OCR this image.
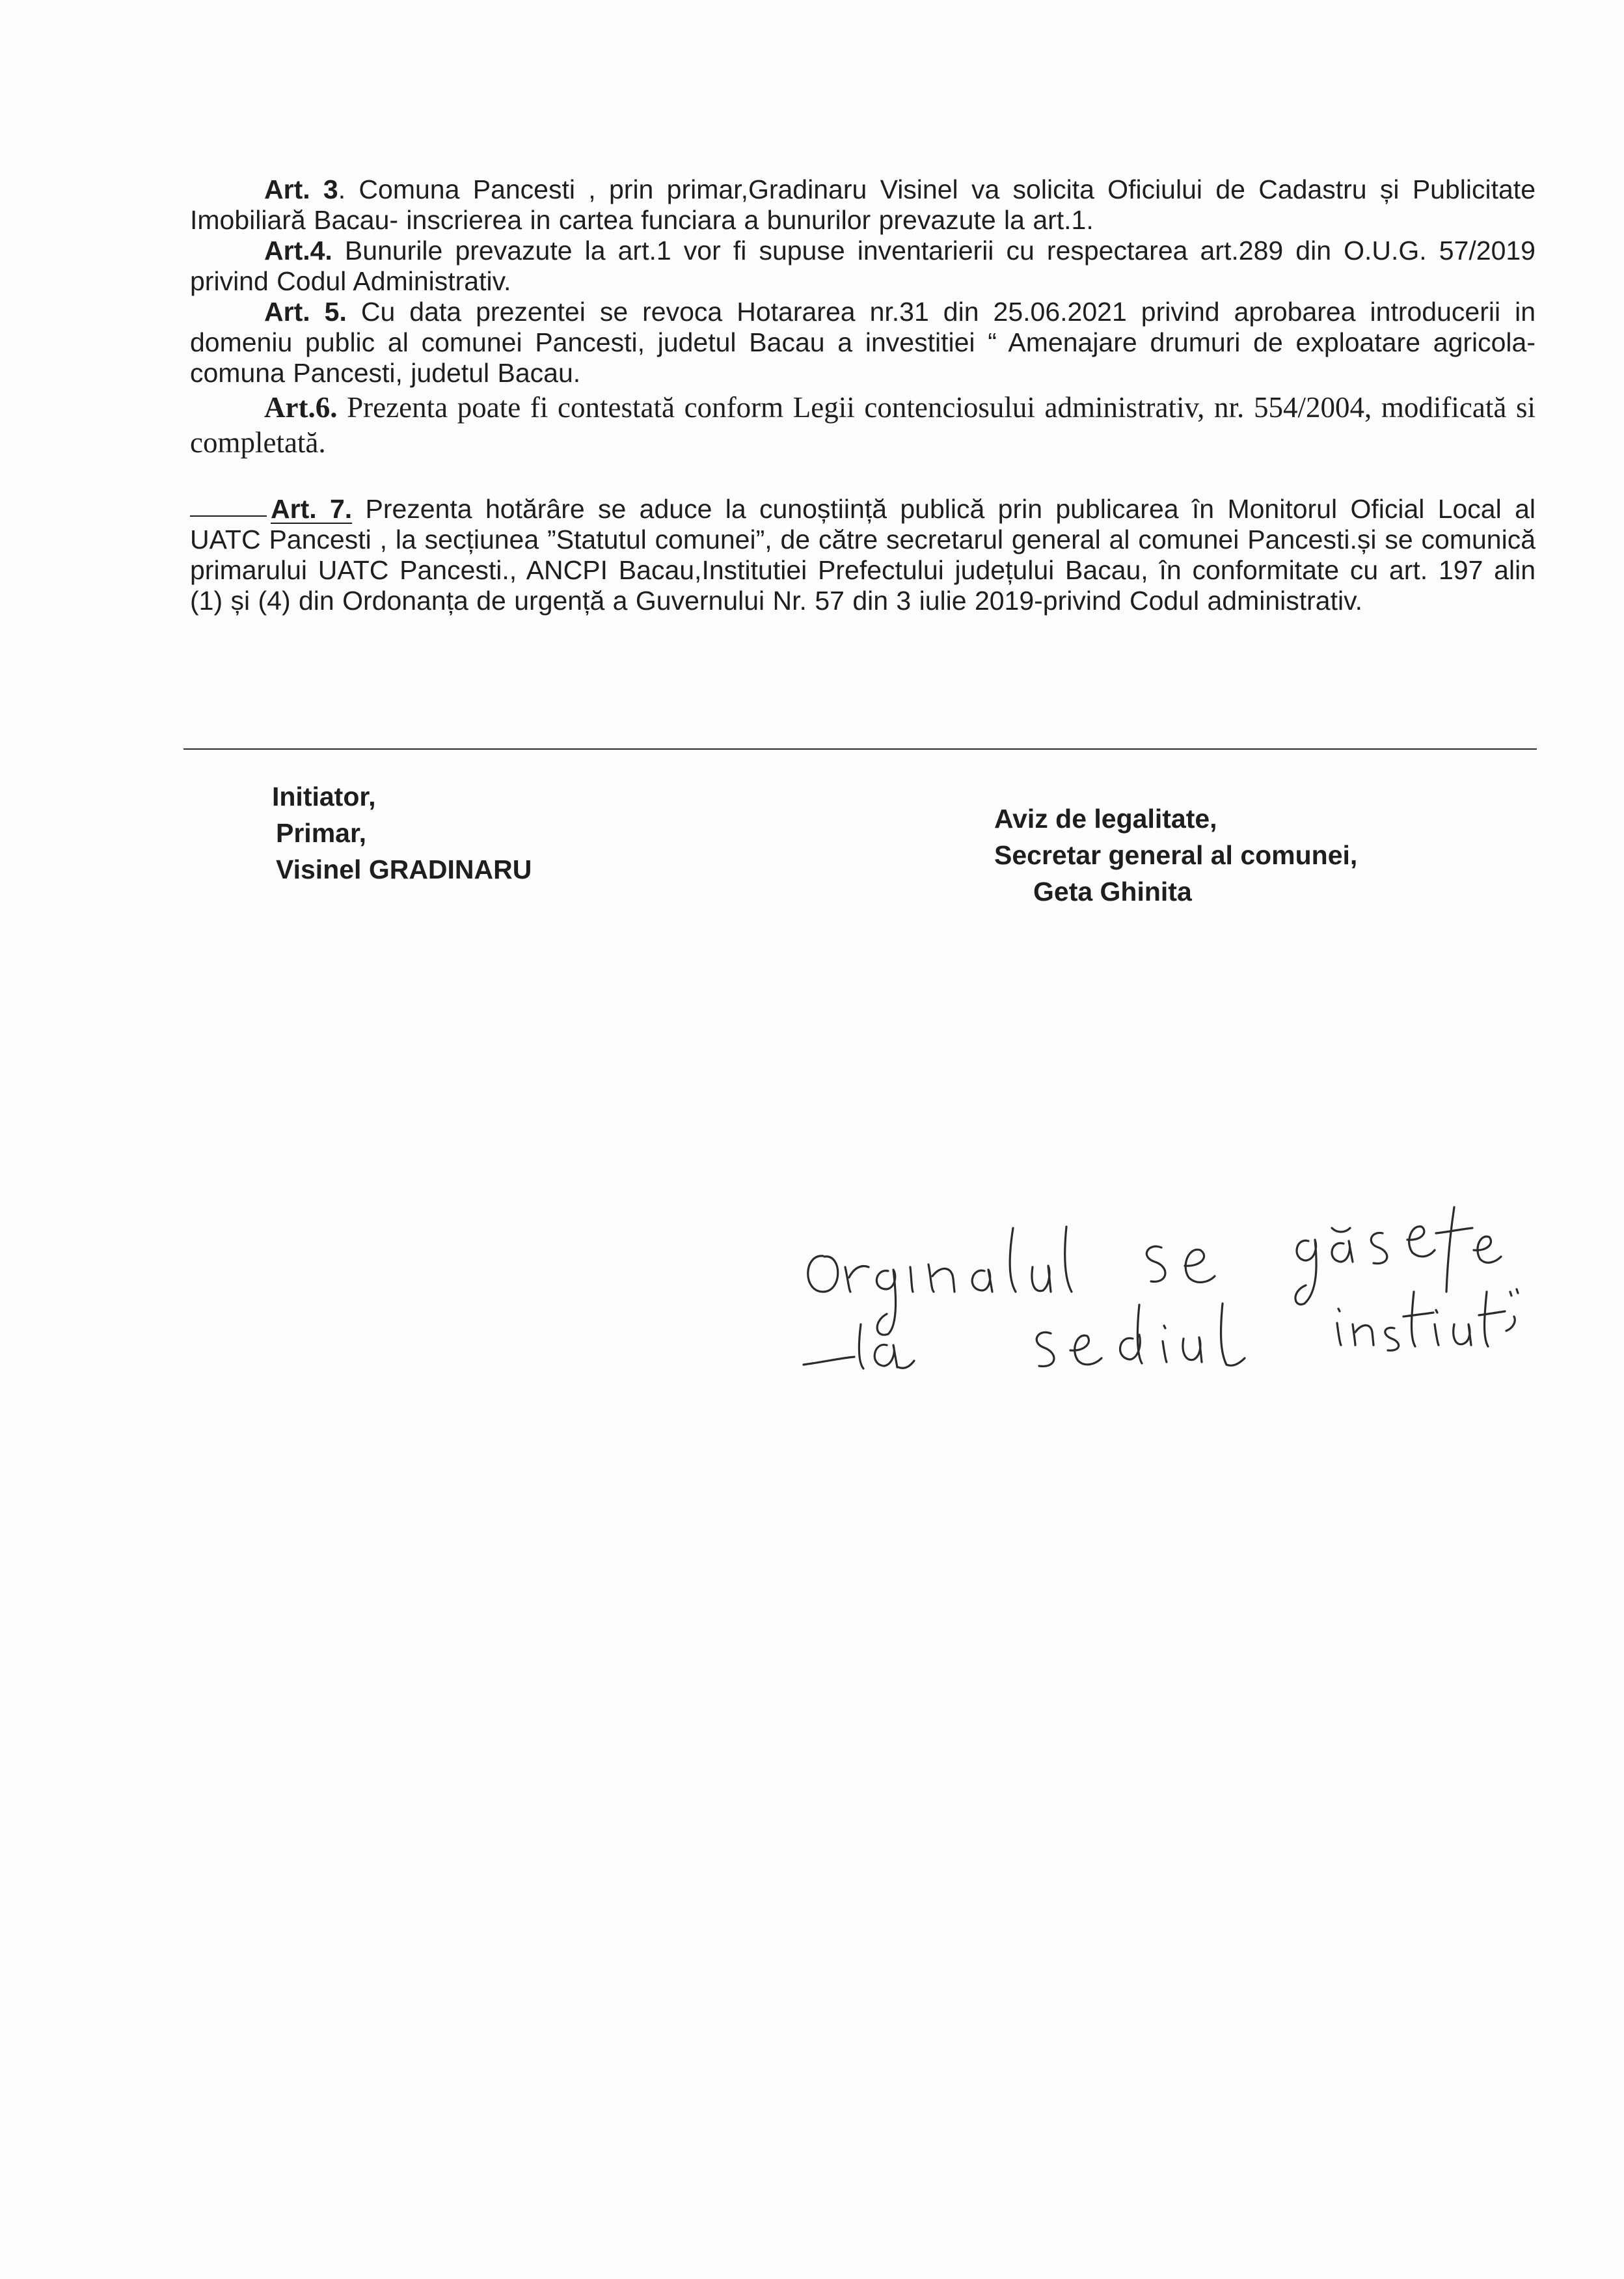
Art. 3. Comuna Pancesti , prin primar,Gradinaru Visinel va solicita Oficiului de Cadastru și Publicitate Imobiliară Bacau- inscrierea in cartea funciara a bunurilor prevazute la art.1.

Art.4. Bunurile prevazute la art.1 vor fi supuse inventarierii cu respectarea art.289 din O.U.G. 57/2019 privind Codul Administrativ.

Art. 5. Cu data prezentei se revoca Hotararea nr.31 din 25.06.2021 privind aprobarea introducerii in domeniu public al comunei Pancesti, judetul Bacau a investitiei “ Amenajare drumuri de exploatare agricola- comuna Pancesti, judetul Bacau.

Art.6. Prezenta poate fi contestată conform Legii contenciosului administrativ, nr. 554/2004, modificată si completată.

Art. 7. Prezenta hotărâre se aduce la cunoștiință publică prin publicarea în Monitorul Oficial Local al UATC Pancesti , la secțiunea ”Statutul comunei”, de către secretarul general al comunei Pancesti.și se comunică primarului UATC Pancesti., ANCPI Bacau,Institutiei Prefectului județului Bacau, în conformitate cu art. 197 alin (1) și (4) din Ordonanța de urgență a Guvernului Nr. 57 din 3 iulie 2019-privind Codul administrativ.

Initiator,
Primar,
Visinel GRADINARU
Aviz de legalitate,
Secretar general al comunei,
Geta Ghinita
